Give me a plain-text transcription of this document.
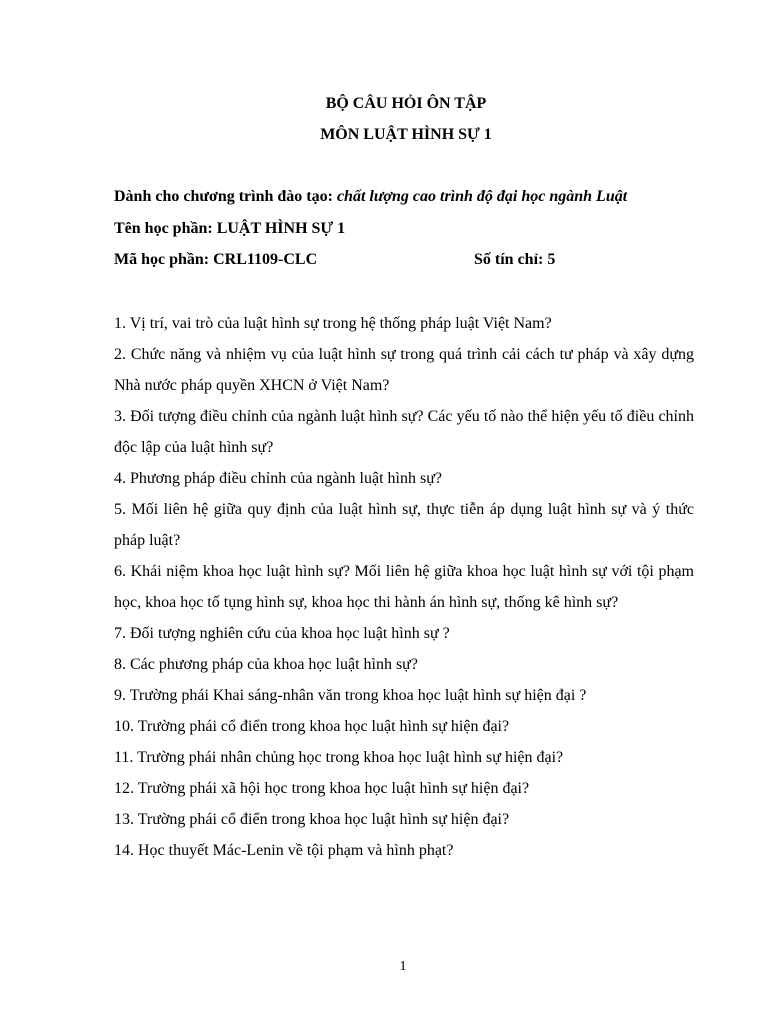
BỘ CÂU HỎI ÔN TẬP
MÔN LUẬT HÌNH SỰ 1
Dành cho chương trình đào tạo: chất lượng cao trình độ đại học ngành Luật
Tên học phần: LUẬT HÌNH SỰ 1
Mã học phần: CRL1109-CLC	Số tín chỉ: 5
1. Vị trí, vai trò của luật hình sự trong hệ thống pháp luật Việt Nam?
2. Chức năng và nhiệm vụ của luật hình sự trong quá trình cải cách tư pháp và xây dựng Nhà nước pháp quyền XHCN ở Việt Nam?
3. Đối tượng điều chỉnh của ngành luật hình sự? Các yếu tố nào thể hiện yếu tố điều chỉnh độc lập của luật hình sự?
4. Phương pháp điều chỉnh của ngành luật hình sự?
5. Mối liên hệ giữa quy định của luật hình sự, thực tiễn áp dụng luật hình sự và ý thức pháp luật?
6. Khái niệm khoa học luật hình sự? Mối liên hệ giữa khoa học luật hình sự với tội phạm học, khoa học tố tụng hình sự, khoa học thi hành án hình sự, thống kê hình sự?
7. Đối tượng nghiên cứu của khoa học luật hình sự ?
8. Các phương pháp của khoa học luật hình sự?
9. Trường phái Khai sáng-nhân văn trong khoa học luật hình sự hiện đại ?
10. Trường phái cổ điển trong khoa học luật hình sự hiện đại?
11. Trường phái nhân chủng học trong khoa học luật hình sự hiện đại?
12. Trường phái xã hội học trong khoa học luật hình sự hiện đại?
13. Trường phái cổ điển trong khoa học luật hình sự hiện đại?
14. Học thuyết Mác-Lenin về tội phạm và hình phạt?
1
